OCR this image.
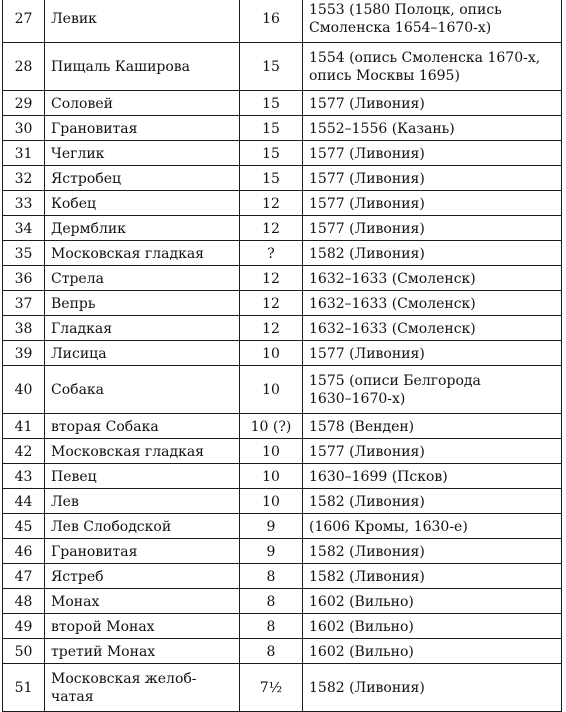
27	Левик	16	1553 (1580 Полоцк, опись
Смоленска 1654–1670-х)
28	Пищаль Каширова	15	1554 (опись Смоленска 1670-х,
опись Москвы 1695)
29	Соловей	15	1577 (Ливония)
30	Грановитая	15	1552–1556 (Казань)
31	Чеглик	15	1577 (Ливония)
32	Ястробец	15	1577 (Ливония)
33	Кобец	12	1577 (Ливония)
34	Дермблик	12	1577 (Ливония)
35	Московская гладкая	?	1582 (Ливония)
36	Стрела	12	1632–1633 (Смоленск)
37	Вепрь	12	1632–1633 (Смоленск)
38	Гладкая	12	1632–1633 (Смоленск)
39	Лисица	10	1577 (Ливония)
40	Собака	10	1575 (описи Белгорода
1630–1670-х)
41	вторая Собака	10 (?)	1578 (Венден)
42	Московская гладкая	10	1577 (Ливония)
43	Певец	10	1630–1699 (Псков)
44	Лев	10	1582 (Ливония)
45	Лев Слободской	9	(1606 Кромы, 1630-е)
46	Грановитая	9	1582 (Ливония)
47	Ястреб	8	1582 (Ливония)
48	Монах	8	1602 (Вильно)
49	второй Монах	8	1602 (Вильно)
50	третий Монах	8	1602 (Вильно)
51	Московская желоб-
чатая	7½	1582 (Ливония)
